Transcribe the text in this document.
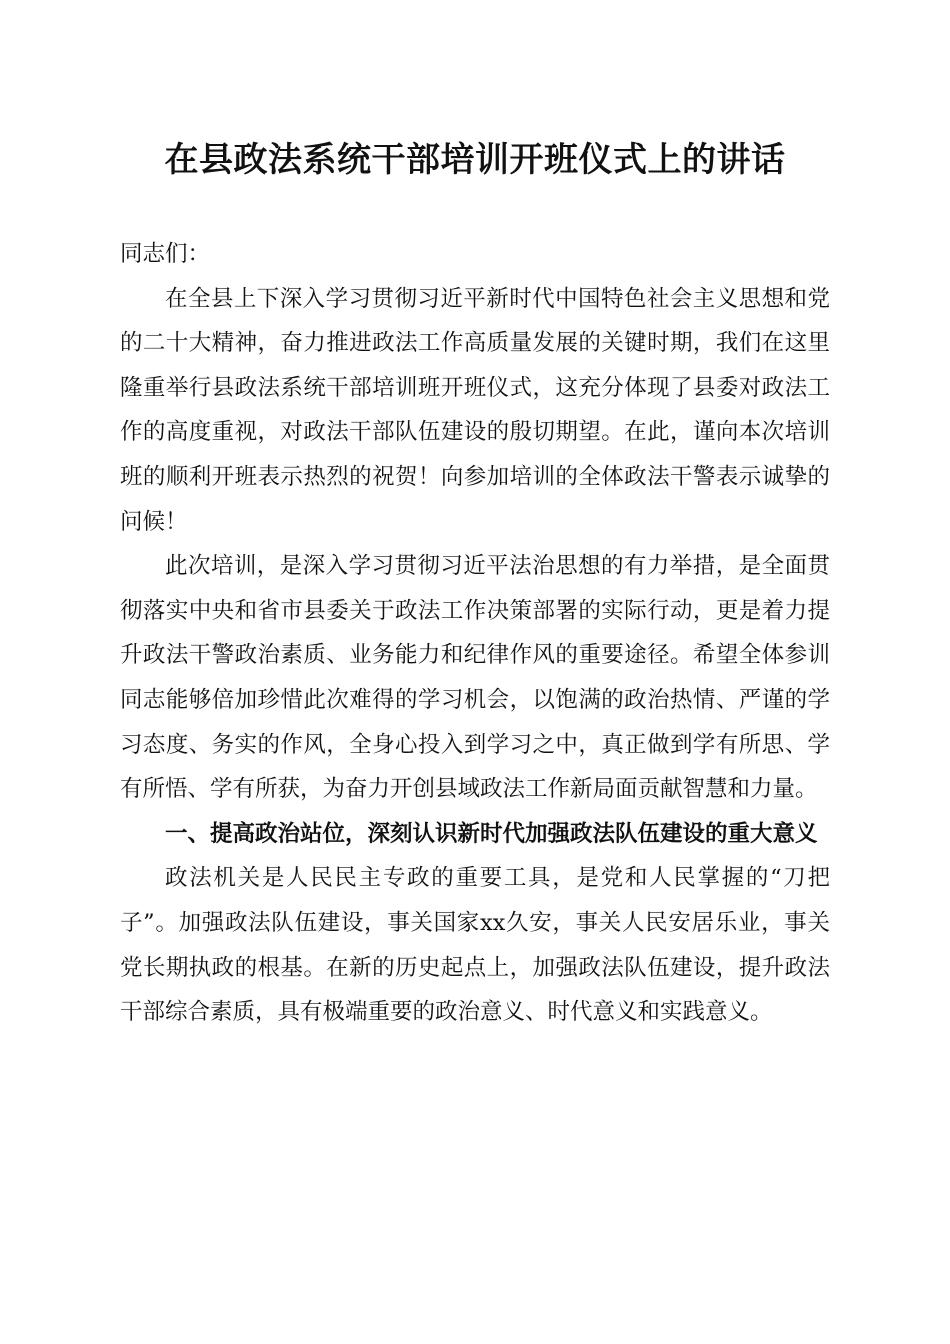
在县政法系统干部培训开班仪式上的讲话

同志们：

在全县上下深入学习贯彻习近平新时代中国特色社会主义思想和党的二十大精神，奋力推进政法工作高质量发展的关键时期，我们在这里隆重举行县政法系统干部培训班开班仪式，这充分体现了县委对政法工作的高度重视，对政法干部队伍建设的殷切期望。在此，谨向本次培训班的顺利开班表示热烈的祝贺！向参加培训的全体政法干警表示诚挚的问候！

此次培训，是深入学习贯彻习近平法治思想的有力举措，是全面贯彻落实中央和省市县委关于政法工作决策部署的实际行动，更是着力提升政法干警政治素质、业务能力和纪律作风的重要途径。希望全体参训同志能够倍加珍惜此次难得的学习机会，以饱满的政治热情、严谨的学习态度、务实的作风，全身心投入到学习之中，真正做到学有所思、学有所悟、学有所获，为奋力开创县域政法工作新局面贡献智慧和力量。

一、提高政治站位，深刻认识新时代加强政法队伍建设的重大意义

政法机关是人民民主专政的重要工具，是党和人民掌握的“刀把子”。加强政法队伍建设，事关国家xx久安，事关人民安居乐业，事关党长期执政的根基。在新的历史起点上，加强政法队伍建设，提升政法干部综合素质，具有极端重要的政治意义、时代意义和实践意义。
